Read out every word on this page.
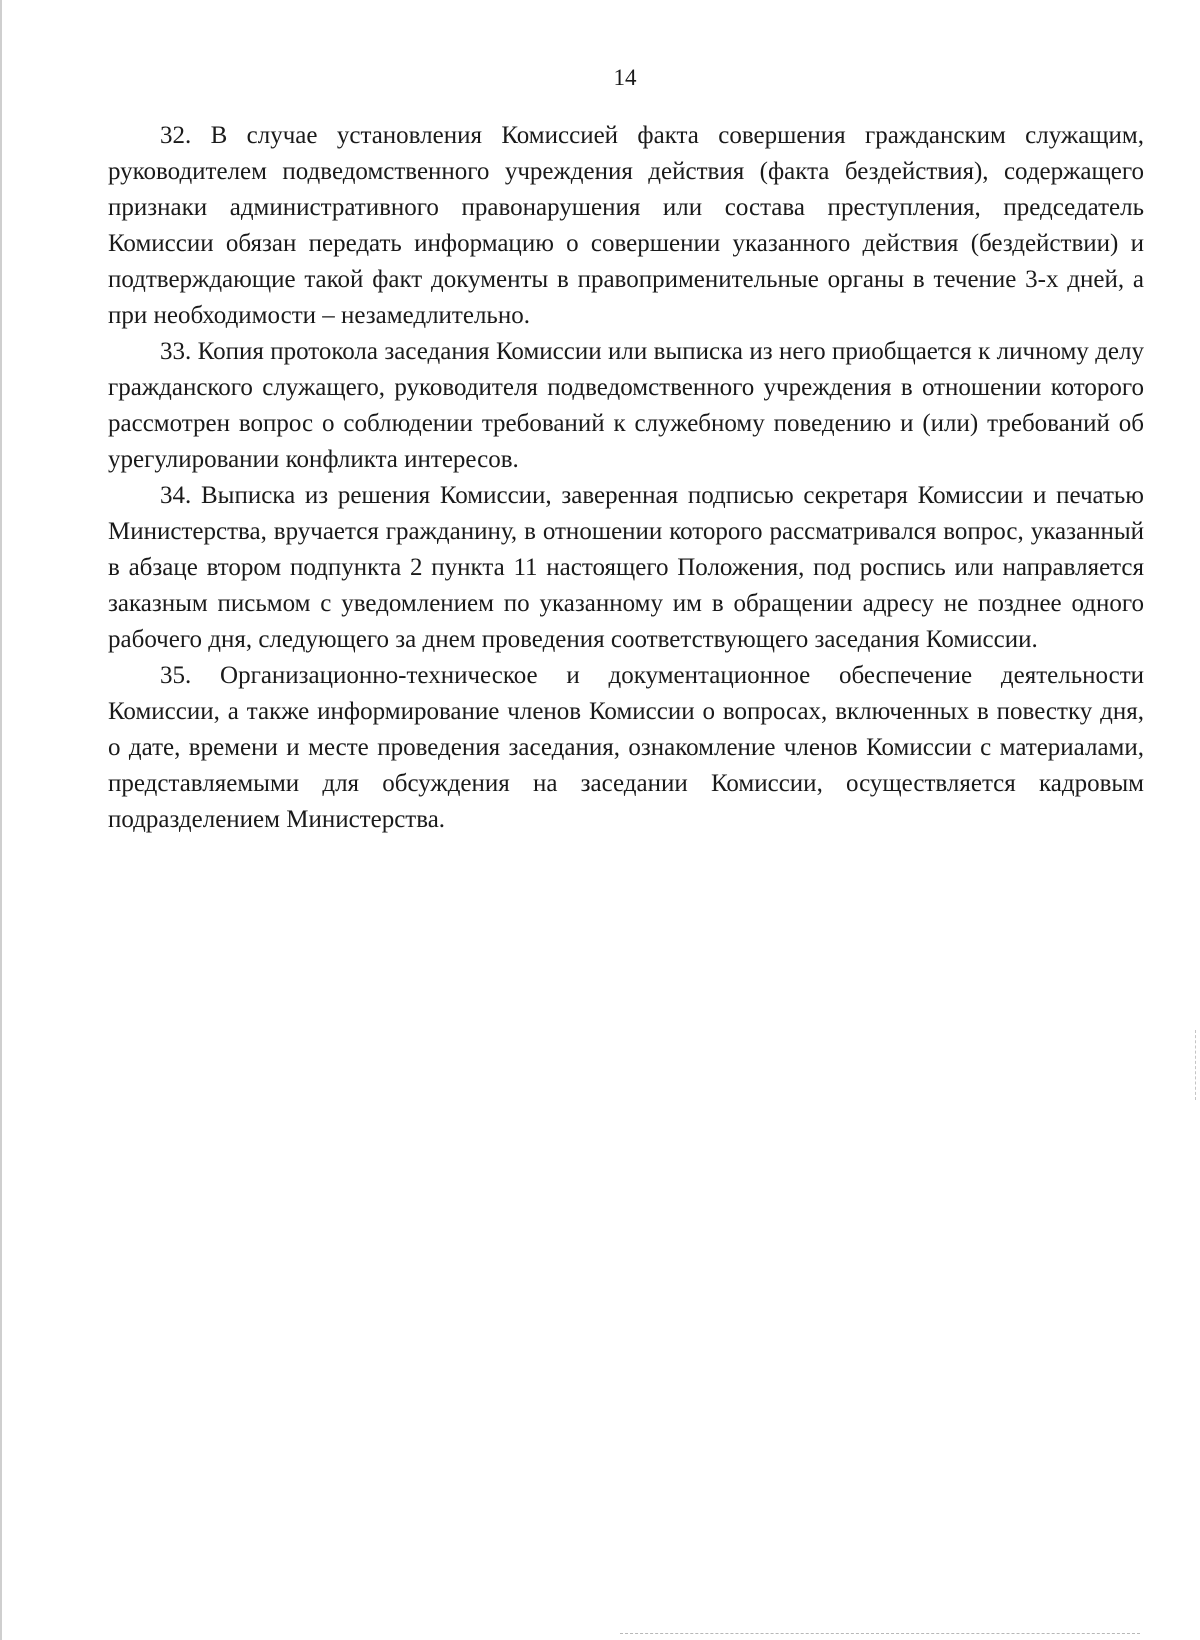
14

32. В случае установления Комиссией факта совершения гражданским служащим, руководителем подведомственного учреждения действия (факта бездействия), содержащего признаки административного правонарушения или состава преступления, председатель Комиссии обязан передать информацию о совершении указанного действия (бездействии) и подтверждающие такой факт документы в правоприменительные органы в течение 3-х дней, а при необходимости – незамедлительно.

33. Копия протокола заседания Комиссии или выписка из него приобщается к личному делу гражданского служащего, руководителя подведомственного учреждения в отношении которого рассмотрен вопрос о соблюдении требований к служебному поведению и (или) требований об урегулировании конфликта интересов.

34. Выписка из решения Комиссии, заверенная подписью секретаря Комиссии и печатью Министерства, вручается гражданину, в отношении которого рассматривался вопрос, указанный в абзаце втором подпункта 2 пункта 11 настоящего Положения, под роспись или направляется заказным письмом с уведомлением по указанному им в обращении адресу не позднее одного рабочего дня, следующего за днем проведения соответствующего заседания Комиссии.

35. Организационно-техническое и документационное обеспечение деятельности Комиссии, а также информирование членов Комиссии о вопросах, включенных в повестку дня, о дате, времени и месте проведения заседания, ознакомление членов Комиссии с материалами, представляемыми для обсуждения на заседании Комиссии, осуществляется кадровым подразделением Министерства.
